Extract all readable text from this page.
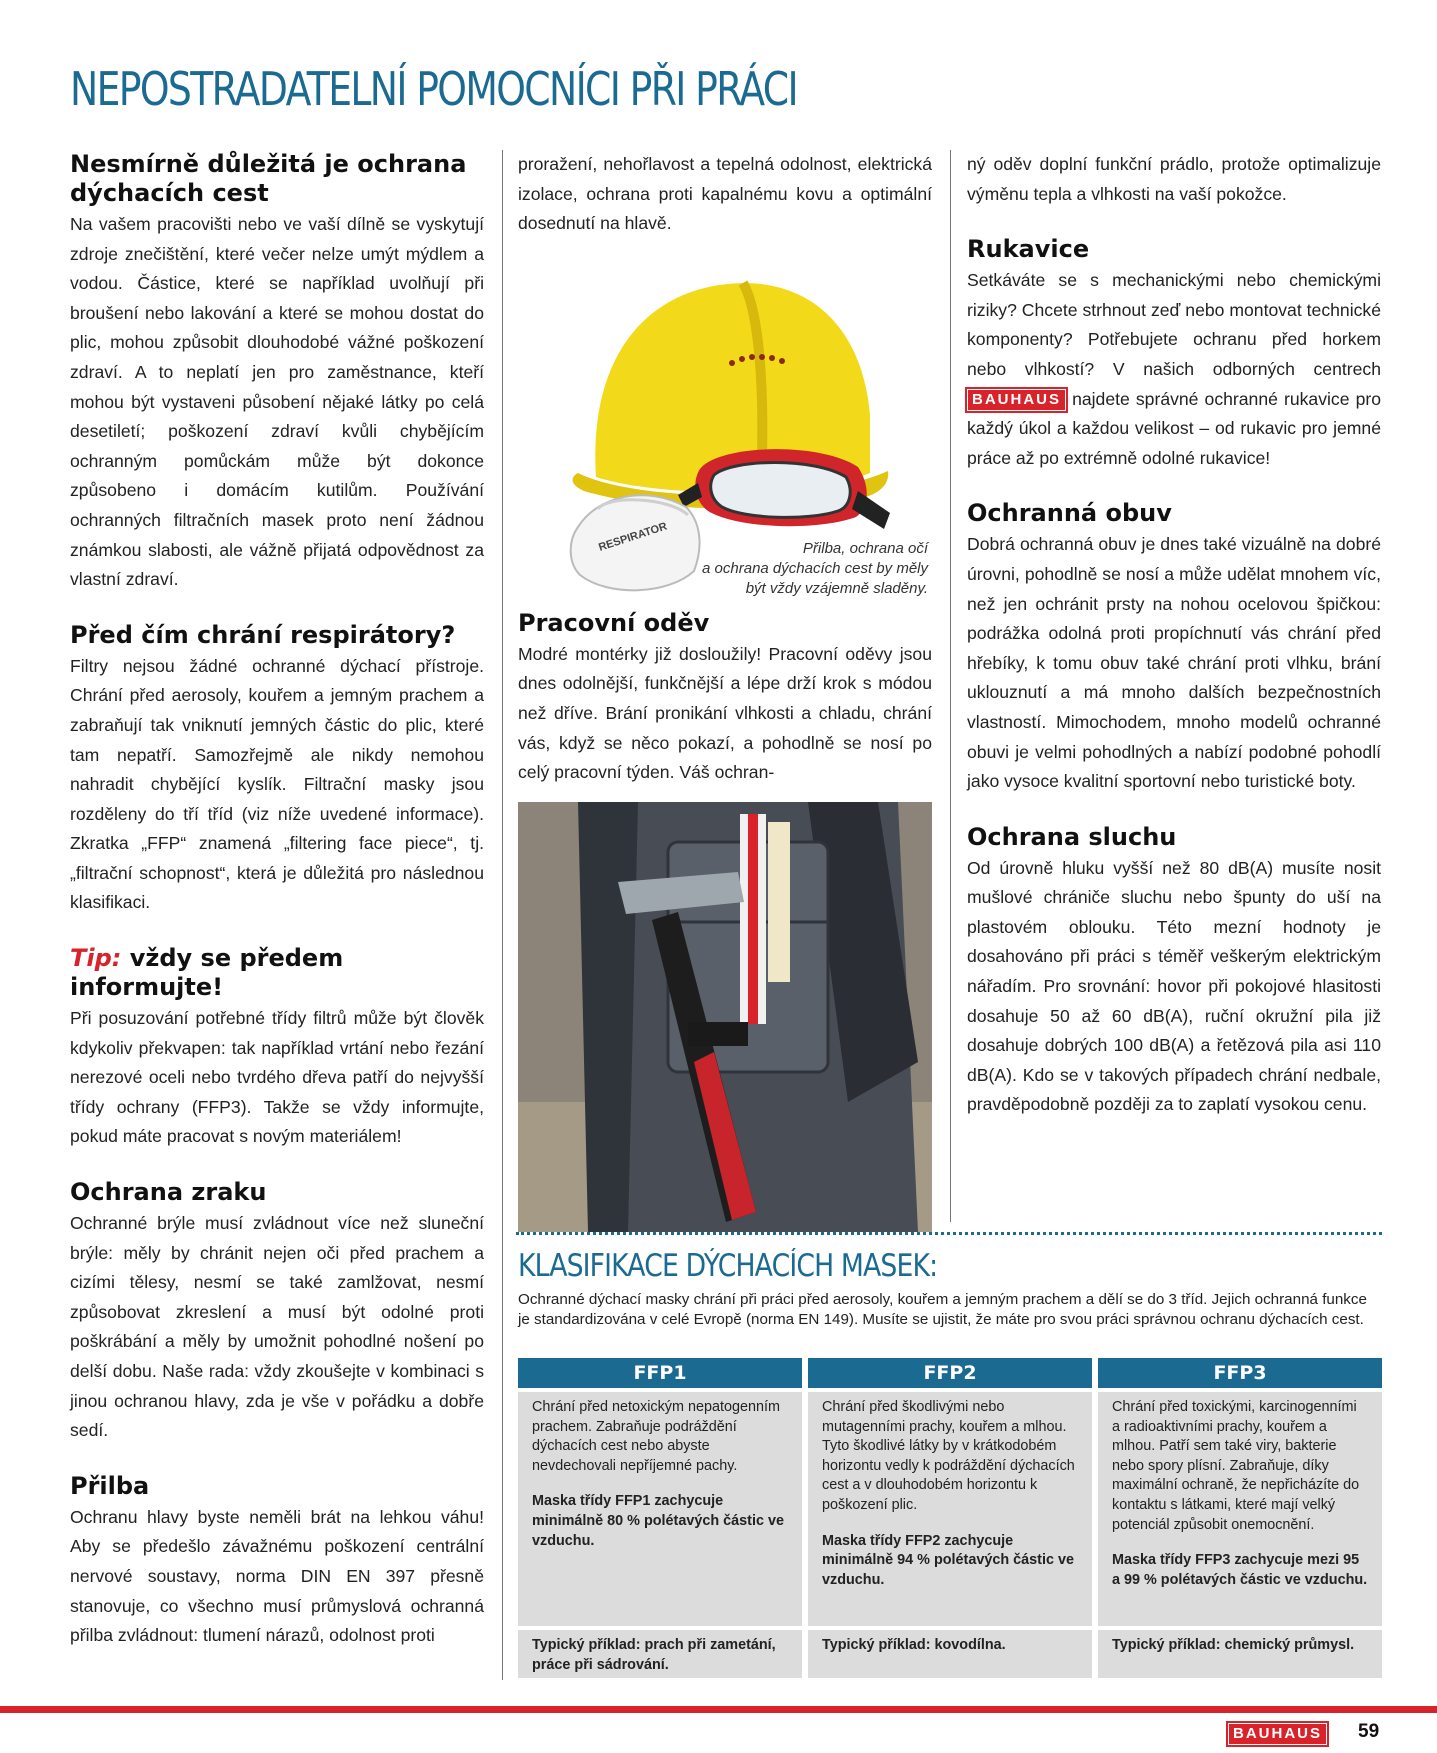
NEPOSTRADATELNÍ POMOCNÍCI PŘI PRÁCI
Nesmírně důležitá je ochrana dýchacích cest

Na vašem pracovišti nebo ve vaší dílně se vyskytují zdroje znečištění, které večer nelze umýt mýdlem a vodou. Částice, které se například uvolňují při broušení nebo lakování a které se mohou dostat do plic, mohou způsobit dlouhodobé vážné poškození zdraví. A to neplatí jen pro zaměstnance, kteří mohou být vystaveni působení nějaké látky po celá desetiletí; poškození zdraví kvůli chybějícím ochranným pomůckám může být dokonce způsobeno i domácím kutilům. Používání ochranných filtračních masek proto není žádnou známkou slabosti, ale vážně přijatá odpovědnost za vlastní zdraví.

Před čím chrání respirátory?

Filtry nejsou žádné ochranné dýchací přístroje. Chrání před aerosoly, kouřem a jemným prachem a zabraňují tak vniknutí jemných částic do plic, které tam nepatří. Samozřejmě ale nikdy nemohou nahradit chybějící kyslík. Filtrační masky jsou rozděleny do tří tříd (viz níže uvedené informace). Zkratka „FFP“ znamená „filtering face piece“, tj. „filtrační schopnost“, která je důležitá pro následnou klasifikaci.

Tip: vždy se předem informujte!

Při posuzování potřebné třídy filtrů může být člověk kdykoliv překvapen: tak například vrtání nebo řezání nerezové oceli nebo tvrdého dřeva patří do nejvyšší třídy ochrany (FFP3). Takže se vždy informujte, pokud máte pracovat s novým materiálem!

Ochrana zraku

Ochranné brýle musí zvládnout více než sluneční brýle: měly by chránit nejen oči před prachem a cizími tělesy, nesmí se také zamlžovat, nesmí způsobovat zkreslení a musí být odolné proti poškrábání a měly by umožnit pohodlné nošení po delší dobu. Naše rada: vždy zkoušejte v kombinaci s jinou ochranou hlavy, zda je vše v pořádku a dobře sedí.

Přilba

Ochranu hlavy byste neměli brát na lehkou váhu! Aby se předešlo závažnému poškození centrální nervové soustavy, norma DIN EN 397 přesně stanovuje, co všechno musí průmyslová ochranná přilba zvládnout: tlumení nárazů, odolnost proti

proražení, nehořlavost a tepelná odolnost, elektrická izolace, ochrana proti kapalnému kovu a optimální dosednutí na hlavě.

RESPIRATOR	Přilba, ochrana očí
a ochrana dýchacích cest by měly
být vždy vzájemně sladěny.
Pracovní oděv

Modré montérky již dosloužily! Pracovní oděvy jsou dnes odolnější, funkčnější a lépe drží krok s módou než dříve. Brání pronikání vlhkosti a chladu, chrání vás, když se něco pokazí, a pohodlně se nosí po celý pracovní týden. Váš ochran-

ný oděv doplní funkční prádlo, protože optimalizuje výměnu tepla a vlhkosti na vaší pokožce.

Rukavice

Setkáváte se s mechanickými nebo chemickými riziky? Chcete strhnout zeď nebo montovat technické komponenty? Potřebujete ochranu před horkem nebo vlhkostí? V našich odborných centrech BAUHAUS najdete správné ochranné rukavice pro každý úkol a každou velikost – od rukavic pro jemné práce až po extrémně odolné rukavice!

Ochranná obuv

Dobrá ochranná obuv je dnes také vizuálně na dobré úrovni, pohodlně se nosí a může udělat mnohem víc, než jen ochránit prsty na nohou ocelovou špičkou: podrážka odolná proti propíchnutí vás chrání před hřebíky, k tomu obuv také chrání proti vlhku, brání uklouznutí a má mnoho dalších bezpečnostních vlastností. Mimochodem, mnoho modelů ochranné obuvi je velmi pohodlných a nabízí podobné pohodlí jako vysoce kvalitní sportovní nebo turistické boty.

Ochrana sluchu

Od úrovně hluku vyšší než 80 dB(A) musíte nosit mušlové chrániče sluchu nebo špunty do uší na plastovém oblouku. Této mezní hodnoty je dosahováno při práci s téměř veškerým elektrickým nářadím. Pro srovnání: hovor při pokojové hlasitosti dosahuje 50 až 60 dB(A), ruční okružní pila již dosahuje dobrých 100 dB(A) a řetězová pila asi 110 dB(A). Kdo se v takových případech chrání nedbale, pravděpodobně později za to zaplatí vysokou cenu.

KLASIFIKACE DÝCHACÍCH MASEK:

Ochranné dýchací masky chrání při práci před aerosoly, kouřem a jemným prachem a dělí se do 3 tříd. Jejich ochranná funkce je standardizována v celé Evropě (norma EN 149). Musíte se ujistit, že máte pro svou práci správnou ochranu dýchacích cest.

FFP1

Chrání před netoxickým nepatogenním prachem. Zabraňuje podráždění dýchacích cest nebo abyste nevdechovali nepříjemné pachy.

Maska třídy FFP1 zachycuje minimálně 80 % polétavých částic ve vzduchu.

Typický příklad: prach při zametání, práce při sádrování.
FFP2

Chrání před škodlivými nebo mutagenními prachy, kouřem a mlhou. Tyto škodlivé látky by v krátkodobém horizontu vedly k podráždění dýchacích cest a v dlouhodobém horizontu k poškození plic.

Maska třídy FFP2 zachycuje minimálně 94 % polétavých částic ve vzduchu.

Typický příklad: kovodílna.
FFP3

Chrání před toxickými, karcinogenními a radioaktivními prachy, kouřem a mlhou. Patří sem také viry, bakterie nebo spory plísní. Zabraňuje, díky maximální ochraně, že nepřicházíte do kontaktu s látkami, které mají velký potenciál způsobit onemocnění.

Maska třídy FFP3 zachycuje mezi 95 a 99 % polétavých částic ve vzduchu.

Typický příklad: chemický průmysl.
BAUHAUS 59
